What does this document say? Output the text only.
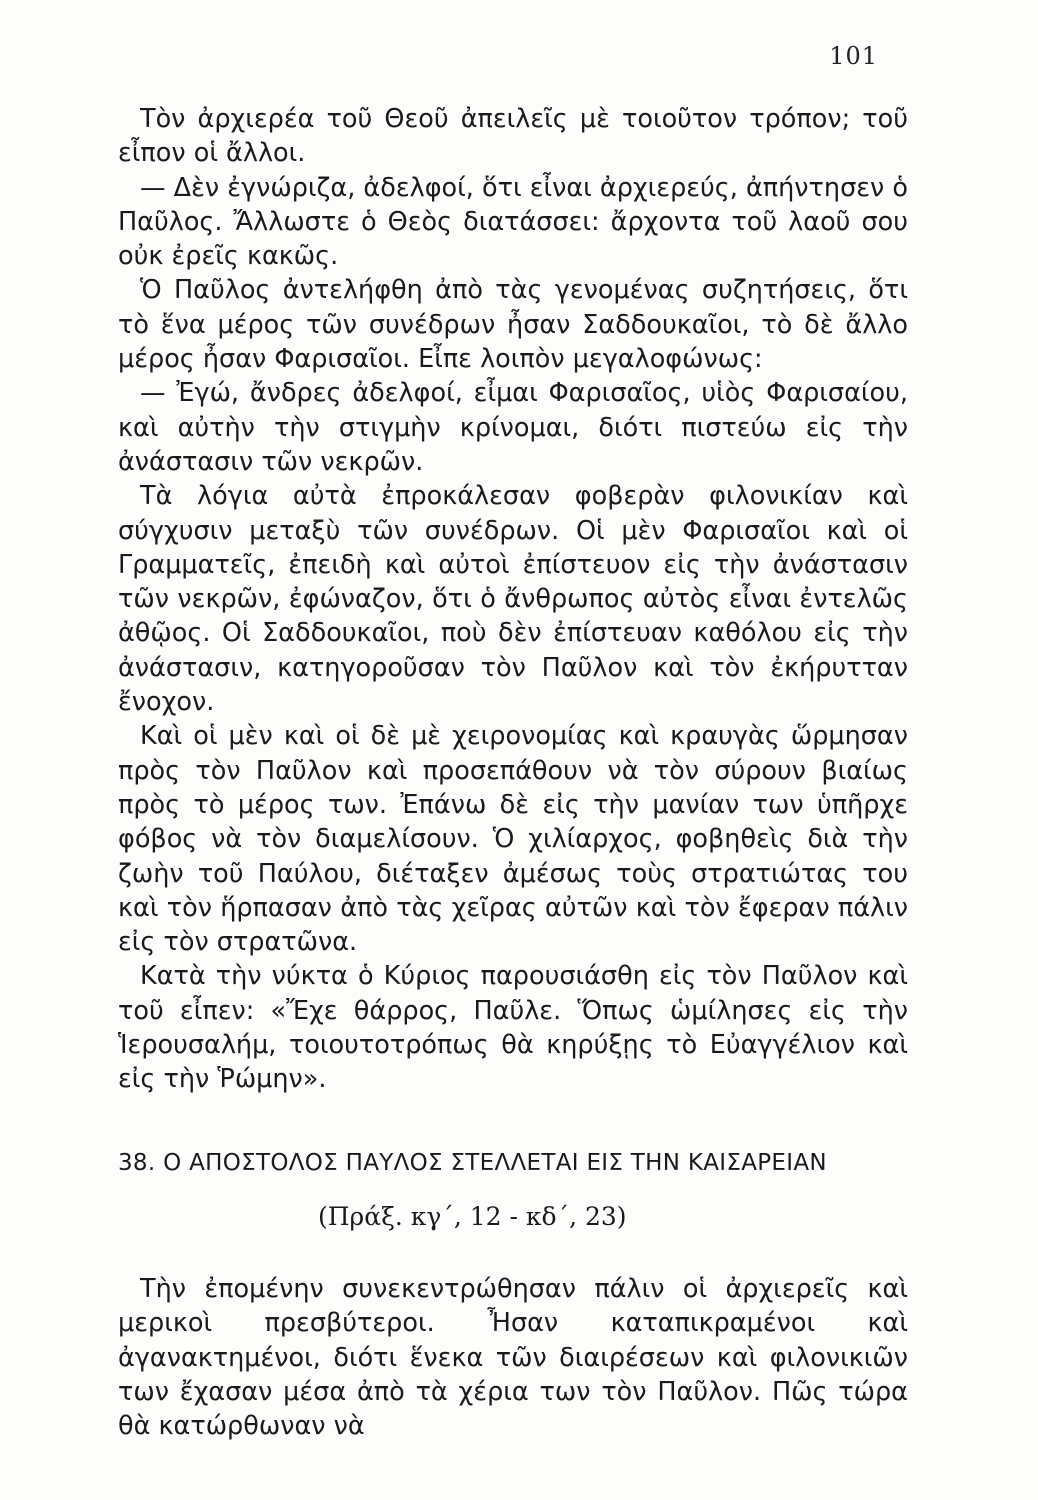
101

Τὸν ἀρχιερέα τοῦ Θεοῦ ἀπειλεῖς μὲ τοιοῦτον τρόπον; τοῦ εἶπον οἱ ἄλλοι.

— Δὲν ἐγνώριζα, ἀδελφοί, ὅτι εἶναι ἀρχιερεύς, ἀπήντησεν ὁ Παῦλος. Ἄλλωστε ὁ Θεὸς διατάσσει: ἄρχοντα τοῦ λαοῦ σου οὐκ ἐρεῖς κακῶς.

Ὁ Παῦλος ἀντελήφθη ἀπὸ τὰς γενομένας συζητήσεις, ὅτι τὸ ἕνα μέρος τῶν συνέδρων ἦσαν Σαδδουκαῖοι, τὸ δὲ ἄλλο μέρος ἦσαν Φαρισαῖοι. Εἶπε λοιπὸν μεγαλοφώνως:

— Ἐγώ, ἄνδρες ἀδελφοί, εἶμαι Φαρισαῖος, υἱὸς Φαρισαίου, καὶ αὐτὴν τὴν στιγμὴν κρίνομαι, διότι πιστεύω εἰς τὴν ἀνάστασιν τῶν νεκρῶν.

Τὰ λόγια αὐτὰ ἐπροκάλεσαν φοβερὰν φιλονικίαν καὶ σύγχυσιν μεταξὺ τῶν συνέδρων. Οἱ μὲν Φαρισαῖοι καὶ οἱ Γραμματεῖς, ἐπειδὴ καὶ αὐτοὶ ἐπίστευον εἰς τὴν ἀνάστασιν τῶν νεκρῶν, ἐφώναζον, ὅτι ὁ ἄνθρωπος αὐτὸς εἶναι ἐντελῶς ἀθῷος. Οἱ Σαδδουκαῖοι, ποὺ δὲν ἐπίστευαν καθόλου εἰς τὴν ἀνάστασιν, κατηγοροῦσαν τὸν Παῦλον καὶ τὸν ἐκήρυτταν ἔνοχον.

Καὶ οἱ μὲν καὶ οἱ δὲ μὲ χειρονομίας καὶ κραυγὰς ὥρμησαν πρὸς τὸν Παῦλον καὶ προσεπάθουν νὰ τὸν σύρουν βιαίως πρὸς τὸ μέρος των. Ἐπάνω δὲ εἰς τὴν μανίαν των ὑπῆρχε φόβος νὰ τὸν διαμελίσουν. Ὁ χιλίαρχος, φοβηθεὶς διὰ τὴν ζωὴν τοῦ Παύλου, διέταξεν ἀμέσως τοὺς στρατιώτας του καὶ τὸν ἥρπασαν ἀπὸ τὰς χεῖρας αὐτῶν καὶ τὸν ἔφεραν πάλιν εἰς τὸν στρατῶνα.

Κατὰ τὴν νύκτα ὁ Κύριος παρουσιάσθη εἰς τὸν Παῦλον καὶ τοῦ εἶπεν: «Ἔχε θάρρος, Παῦλε. Ὅπως ὡμίλησες εἰς τὴν Ἱερουσαλήμ, τοιουτοτρόπως θὰ κηρύξῃς τὸ Εὐαγγέλιον καὶ εἰς τὴν Ῥώμην».

38. Ο ΑΠΟΣΤΟΛΟΣ ΠΑΥΛΟΣ ΣΤΕΛΛΕΤΑΙ ΕΙΣ ΤΗΝ ΚΑΙΣΑΡΕΙΑΝ
(Πράξ. κγ΄, 12 - κδ΄, 23)

Τὴν ἐπομένην συνεκεντρώθησαν πάλιν οἱ ἀρχιερεῖς καὶ μερικοὶ πρεσβύτεροι. Ἦσαν καταπικραμένοι καὶ ἀγανακτημένοι, διότι ἕνεκα τῶν διαιρέσεων καὶ φιλονικιῶν των ἔχασαν μέσα ἀπὸ τὰ χέρια των τὸν Παῦλον. Πῶς τώρα θὰ κατώρθωναν νὰ
